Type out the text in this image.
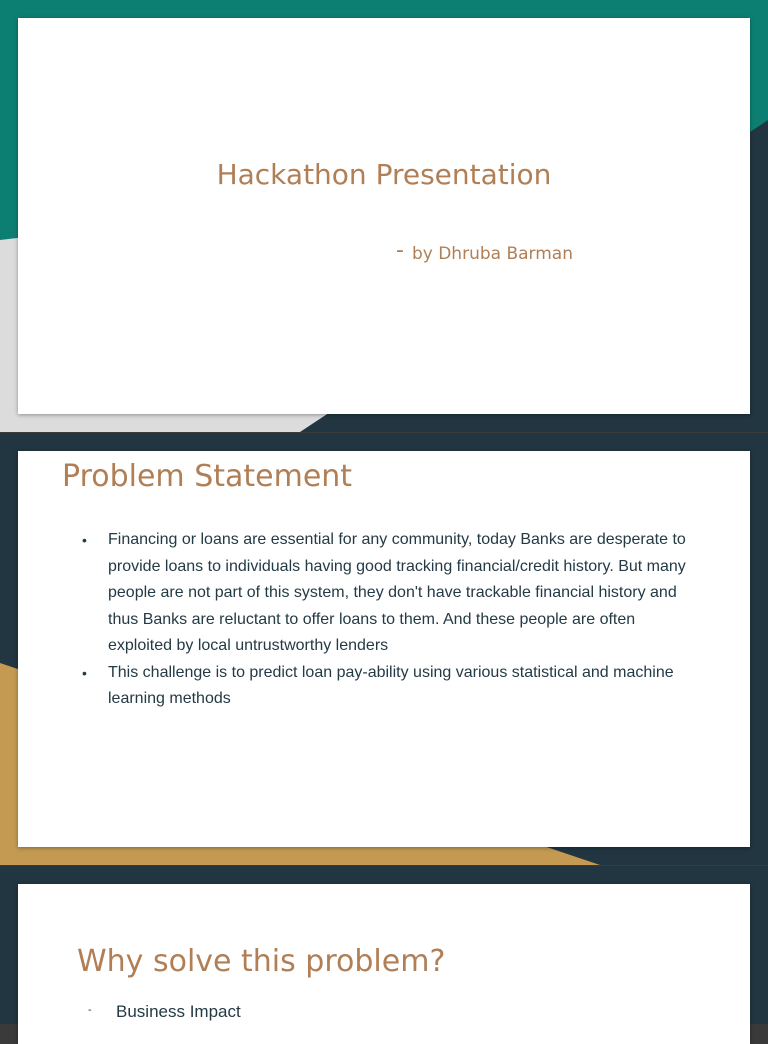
Hackathon Presentation
- by Dhruba Barman
Problem Statement
• Financing or loans are essential for any community, today Banks are desperate to provide loans to individuals having good tracking financial/credit history. But many people are not part of this system, they don't have trackable financial history and thus Banks are reluctant to offer loans to them. And these people are often exploited by local untrustworthy lenders
• This challenge is to predict loan pay-ability using various statistical and machine learning methods
Why solve this problem?
- Business Impact
